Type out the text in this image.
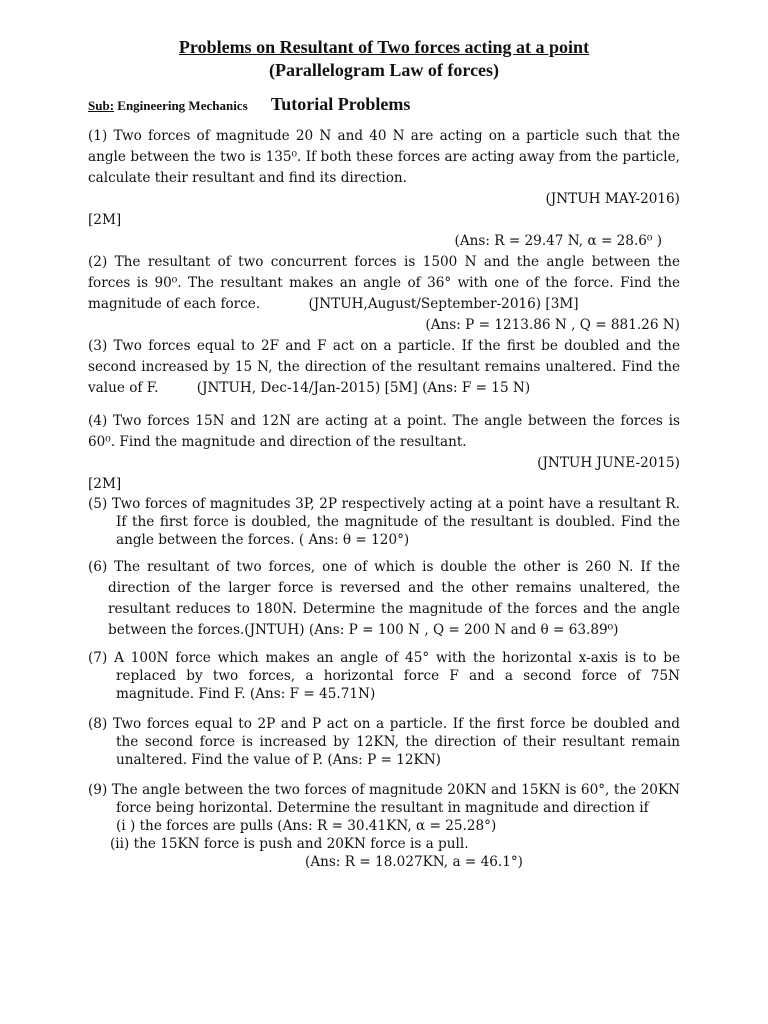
Problems on Resultant of Two forces acting at a point
(Parallelogram Law of forces)
Sub: Engineering Mechanics Tutorial Problems

(1) Two forces of magnitude 20 N and 40 N are acting on a particle such that the angle between the two is 135⁰. If both these forces are acting away from the particle, calculate their resultant and find its direction.

(JNTUH MAY-2016)

[2M]

(Ans: R = 29.47 N, α = 28.6⁰ )

(2) The resultant of two concurrent forces is 1500 N and the angle between the forces is 90⁰. The resultant makes an angle of 36° with one of the force. Find the magnitude of each force.	(JNTUH,August/September-2016) [3M]

(Ans: P = 1213.86 N , Q = 881.26 N)

(3) Two forces equal to 2F and F act on a particle. If the first be doubled and the second increased by 15 N, the direction of the resultant remains unaltered. Find the value of F.	(JNTUH, Dec-14/Jan-2015) [5M] (Ans: F = 15 N)

(4) Two forces 15N and 12N are acting at a point. The angle between the forces is 60⁰. Find the magnitude and direction of the resultant.

(JNTUH JUNE-2015)

[2M]

(5) Two forces of magnitudes 3P, 2P respectively acting at a point have a resultant R. If the first force is doubled, the magnitude of the resultant is doubled. Find the angle between the forces. ( Ans: θ = 120°)

(6) The resultant of two forces, one of which is double the other is 260 N. If the direction of the larger force is reversed and the other remains unaltered, the resultant reduces to 180N. Determine the magnitude of the forces and the angle between the forces.(JNTUH) (Ans: P = 100 N , Q = 200 N and θ = 63.89⁰)

(7) A 100N force which makes an angle of 45° with the horizontal x-axis is to be replaced by two forces, a horizontal force F and a second force of 75N magnitude. Find F. (Ans: F = 45.71N)

(8) Two forces equal to 2P and P act on a particle. If the first force be doubled and the second force is increased by 12KN, the direction of their resultant remain unaltered. Find the value of P. (Ans: P = 12KN)

(9) The angle between the two forces of magnitude 20KN and 15KN is 60°, the 20KN force being horizontal. Determine the resultant in magnitude and direction if

(i ) the forces are pulls (Ans: R = 30.41KN, α = 25.28°)

(ii) the 15KN force is push and 20KN force is a pull.

(Ans: R = 18.027KN, a = 46.1°)
